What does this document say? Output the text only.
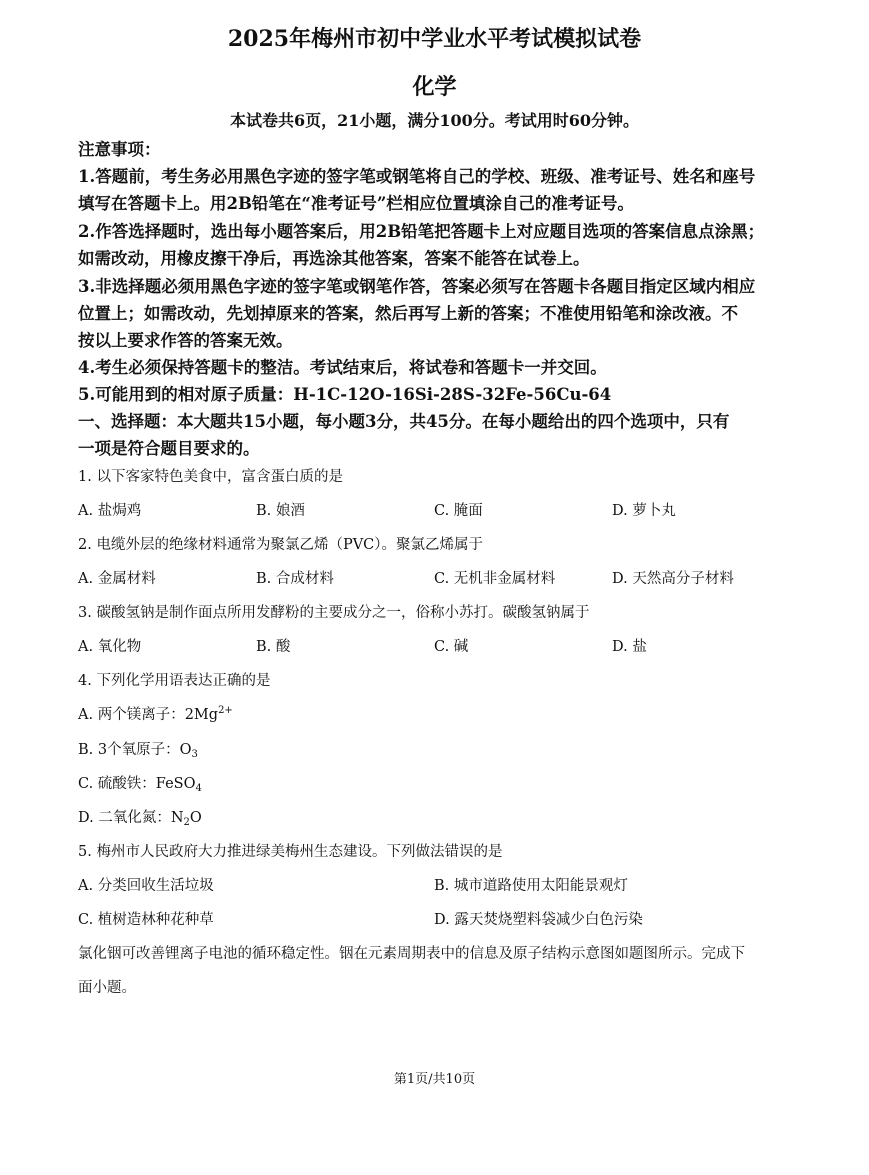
2025年梅州市初中学业水平考试模拟试卷
化学
本试卷共6页，21小题，满分100分。考试用时60分钟。
注意事项：
1.答题前，考生务必用黑色字迹的签字笔或钢笔将自己的学校、班级、准考证号、姓名和座号
填写在答题卡上。用2B铅笔在“准考证号”栏相应位置填涂自己的准考证号。
2.作答选择题时，选出每小题答案后，用2B铅笔把答题卡上对应题目选项的答案信息点涂黑；
如需改动，用橡皮擦干净后，再选涂其他答案，答案不能答在试卷上。
3.非选择题必须用黑色字迹的签字笔或钢笔作答，答案必须写在答题卡各题目指定区域内相应
位置上；如需改动，先划掉原来的答案，然后再写上新的答案；不准使用铅笔和涂改液。不
按以上要求作答的答案无效。
4.考生必须保持答题卡的整洁。考试结束后，将试卷和答题卡一并交回。
5.可能用到的相对原子质量：H-1C-12O-16Si-28S-32Fe-56Cu-64
一、选择题：本大题共15小题，每小题3分，共45分。在每小题给出的四个选项中，只有
一项是符合题目要求的。
1. 以下客家特色美食中，富含蛋白质的是
A. 盐焗鸡	B. 娘酒	C. 腌面	D. 萝卜丸
2. 电缆外层的绝缘材料通常为聚氯乙烯（PVC）。聚氯乙烯属于
A. 金属材料	B. 合成材料	C. 无机非金属材料	D. 天然高分子材料
3. 碳酸氢钠是制作面点所用发酵粉的主要成分之一，俗称小苏打。碳酸氢钠属于
A. 氧化物	B. 酸	C. 碱	D. 盐
4. 下列化学用语表达正确的是
A. 两个镁离子：$2Mg^{2+}$
B. 3个氧原子：$O_3$
C. 硫酸铁：FeSO$_4$
D. 二氧化氮：$N_2O$
5. 梅州市人民政府大力推进绿美梅州生态建设。下列做法错误的是
A. 分类回收生活垃圾	B. 城市道路使用太阳能景观灯
C. 植树造林种花种草	D. 露天焚烧塑料袋减少白色污染
氯化铟可改善锂离子电池的循环稳定性。铟在元素周期表中的信息及原子结构示意图如题图所示。完成下
面小题。
第1页/共10页
